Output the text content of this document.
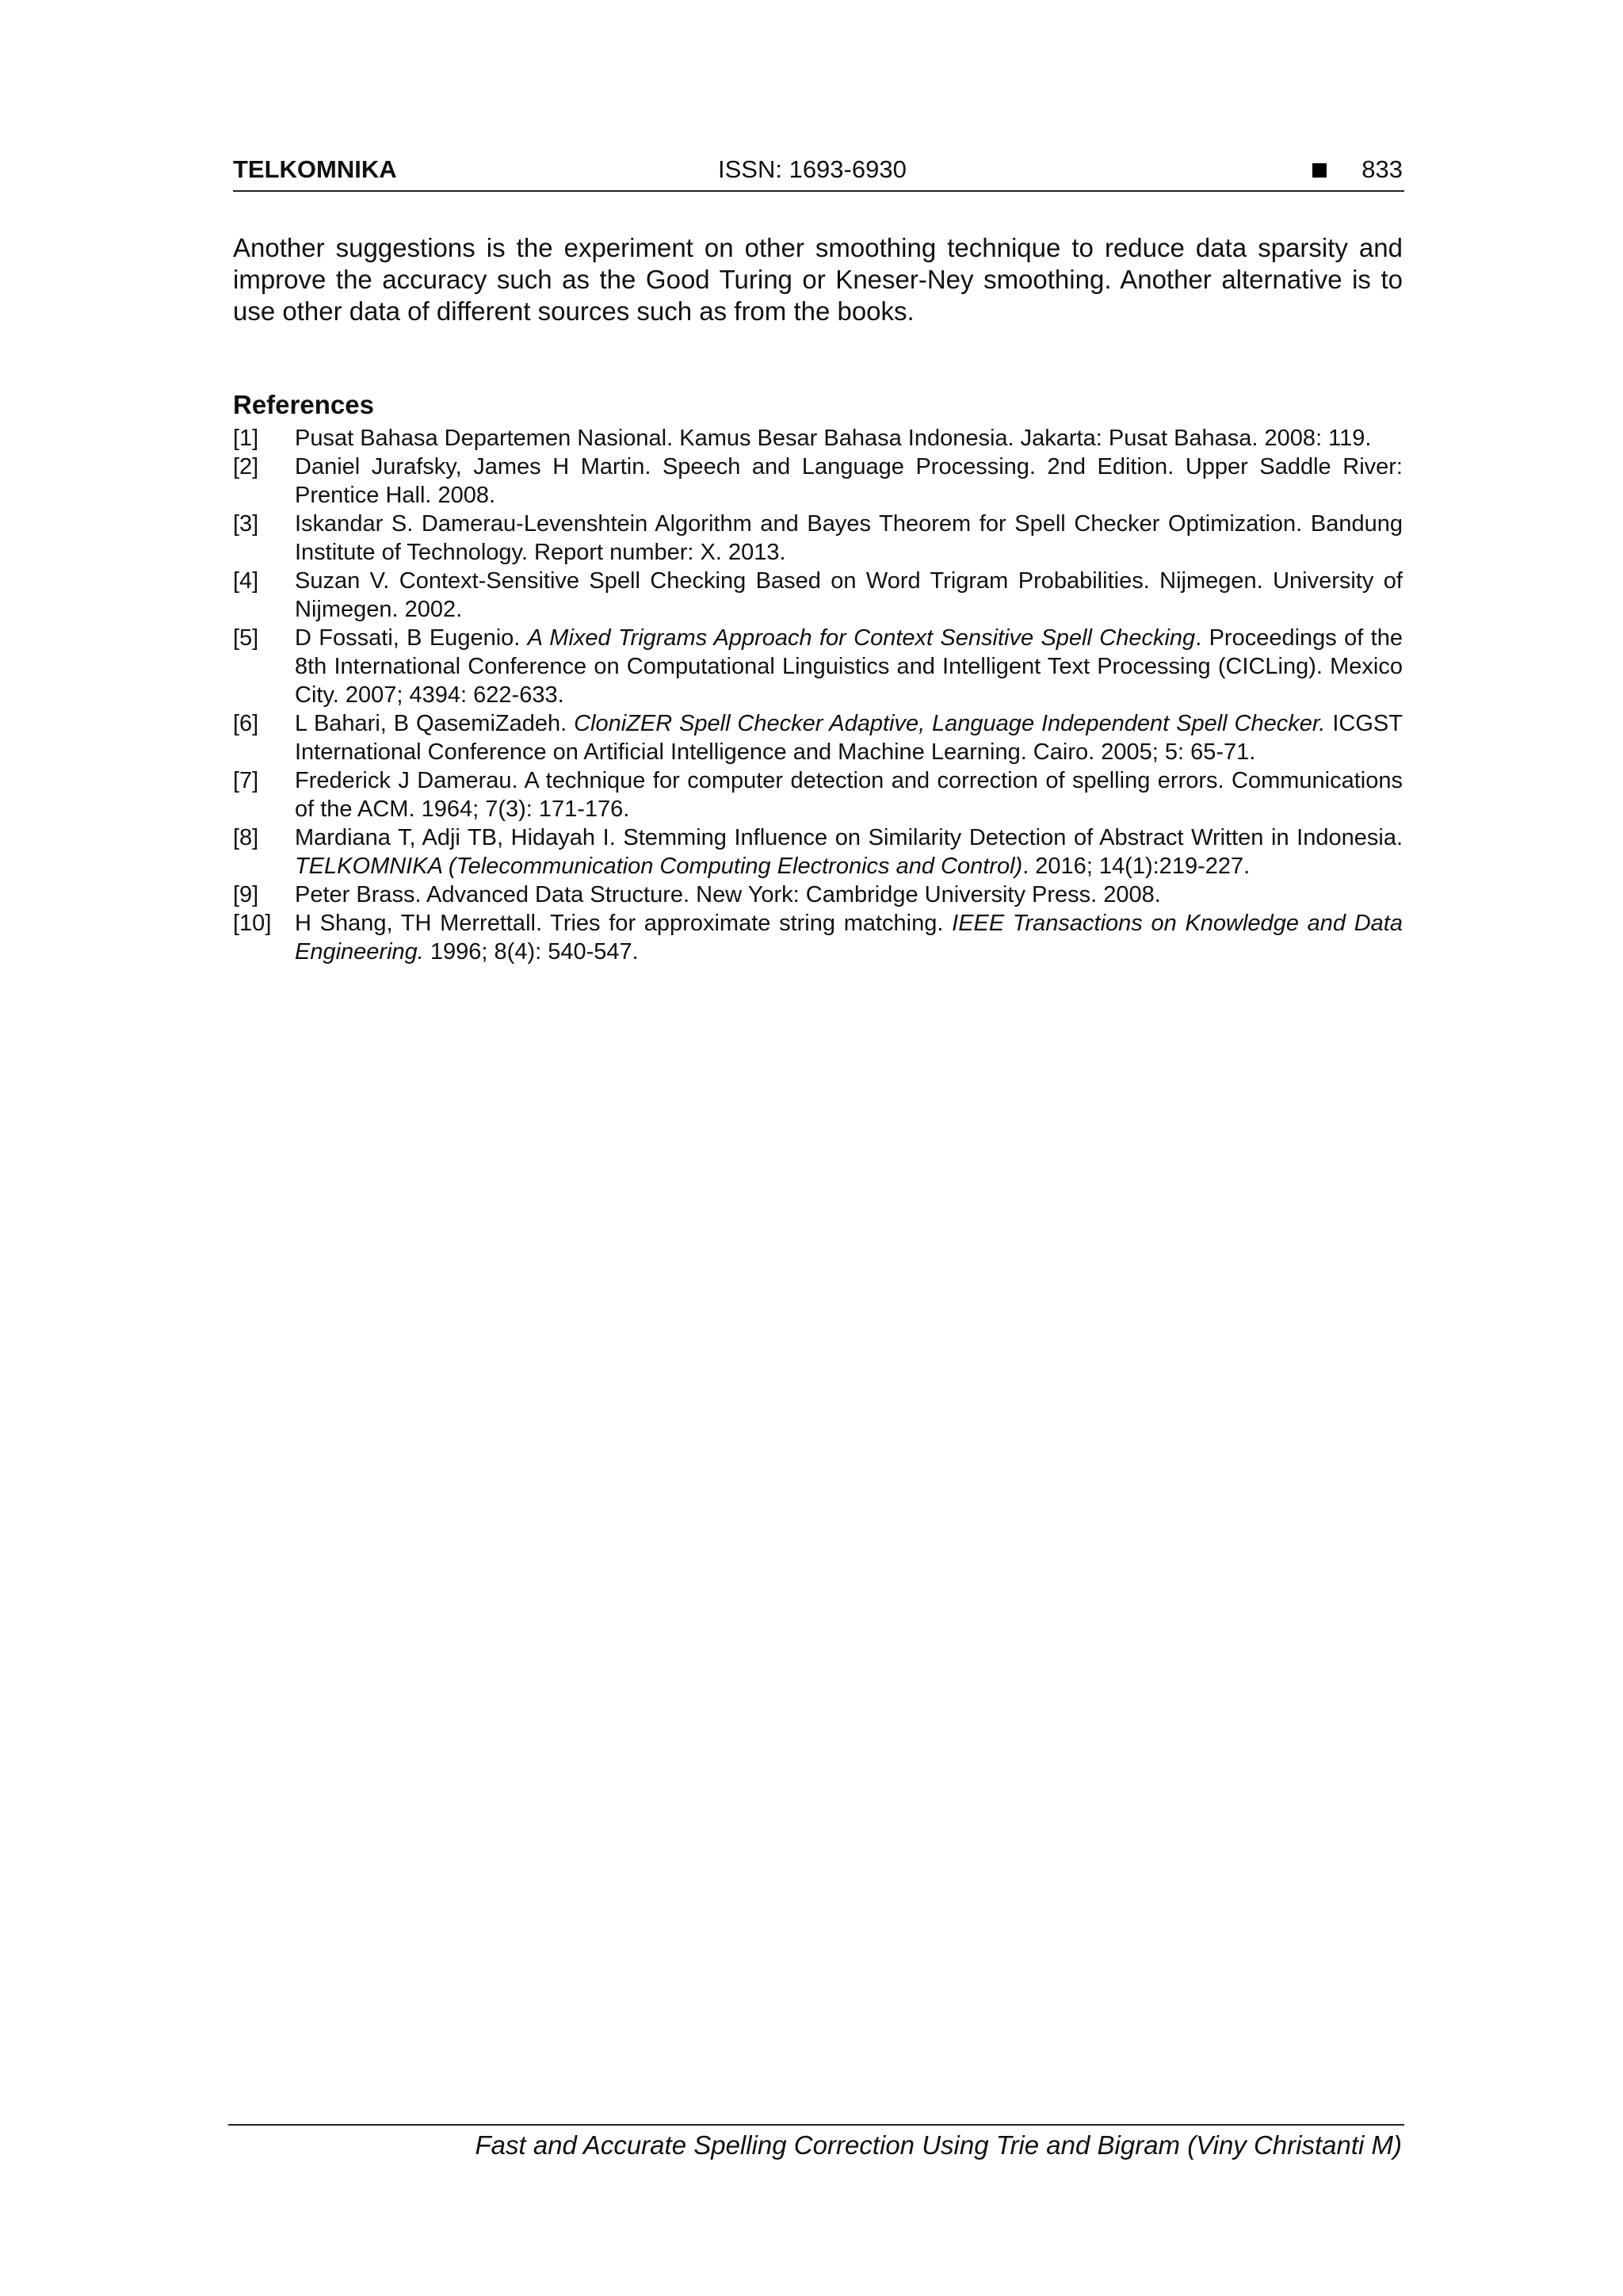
TELKOMNIKA	ISSN: 1693-6930	833

Another suggestions is the experiment on other smoothing technique to reduce data sparsity and improve the accuracy such as the Good Turing or Kneser-Ney smoothing. Another alternative is to use other data of different sources such as from the books.

References
[1]	Pusat Bahasa Departemen Nasional. Kamus Besar Bahasa Indonesia. Jakarta: Pusat Bahasa. 2008: 119.
[2]	Daniel Jurafsky, James H Martin. Speech and Language Processing. 2nd Edition. Upper Saddle River: Prentice Hall. 2008.
[3]	Iskandar S. Damerau-Levenshtein Algorithm and Bayes Theorem for Spell Checker Optimization. Bandung Institute of Technology. Report number: X. 2013.
[4]	Suzan V. Context-Sensitive Spell Checking Based on Word Trigram Probabilities. Nijmegen. University of Nijmegen. 2002.
[5]	D Fossati, B Eugenio. A Mixed Trigrams Approach for Context Sensitive Spell Checking. Proceedings of the 8th International Conference on Computational Linguistics and Intelligent Text Processing (CICLing). Mexico City. 2007; 4394: 622-633.
[6]	L Bahari, B QasemiZadeh. CloniZER Spell Checker Adaptive, Language Independent Spell Checker. ICGST International Conference on Artificial Intelligence and Machine Learning. Cairo. 2005; 5: 65-71.
[7]	Frederick J Damerau. A technique for computer detection and correction of spelling errors. Communications of the ACM. 1964; 7(3): 171-176.
[8]	Mardiana T, Adji TB, Hidayah I. Stemming Influence on Similarity Detection of Abstract Written in Indonesia. TELKOMNIKA (Telecommunication Computing Electronics and Control). 2016; 14(1):219-227.
[9]	Peter Brass. Advanced Data Structure. New York: Cambridge University Press. 2008.
[10]	H Shang, TH Merrettall. Tries for approximate string matching. IEEE Transactions on Knowledge and Data Engineering. 1996; 8(4): 540-547.
Fast and Accurate Spelling Correction Using Trie and Bigram (Viny Christanti M)
